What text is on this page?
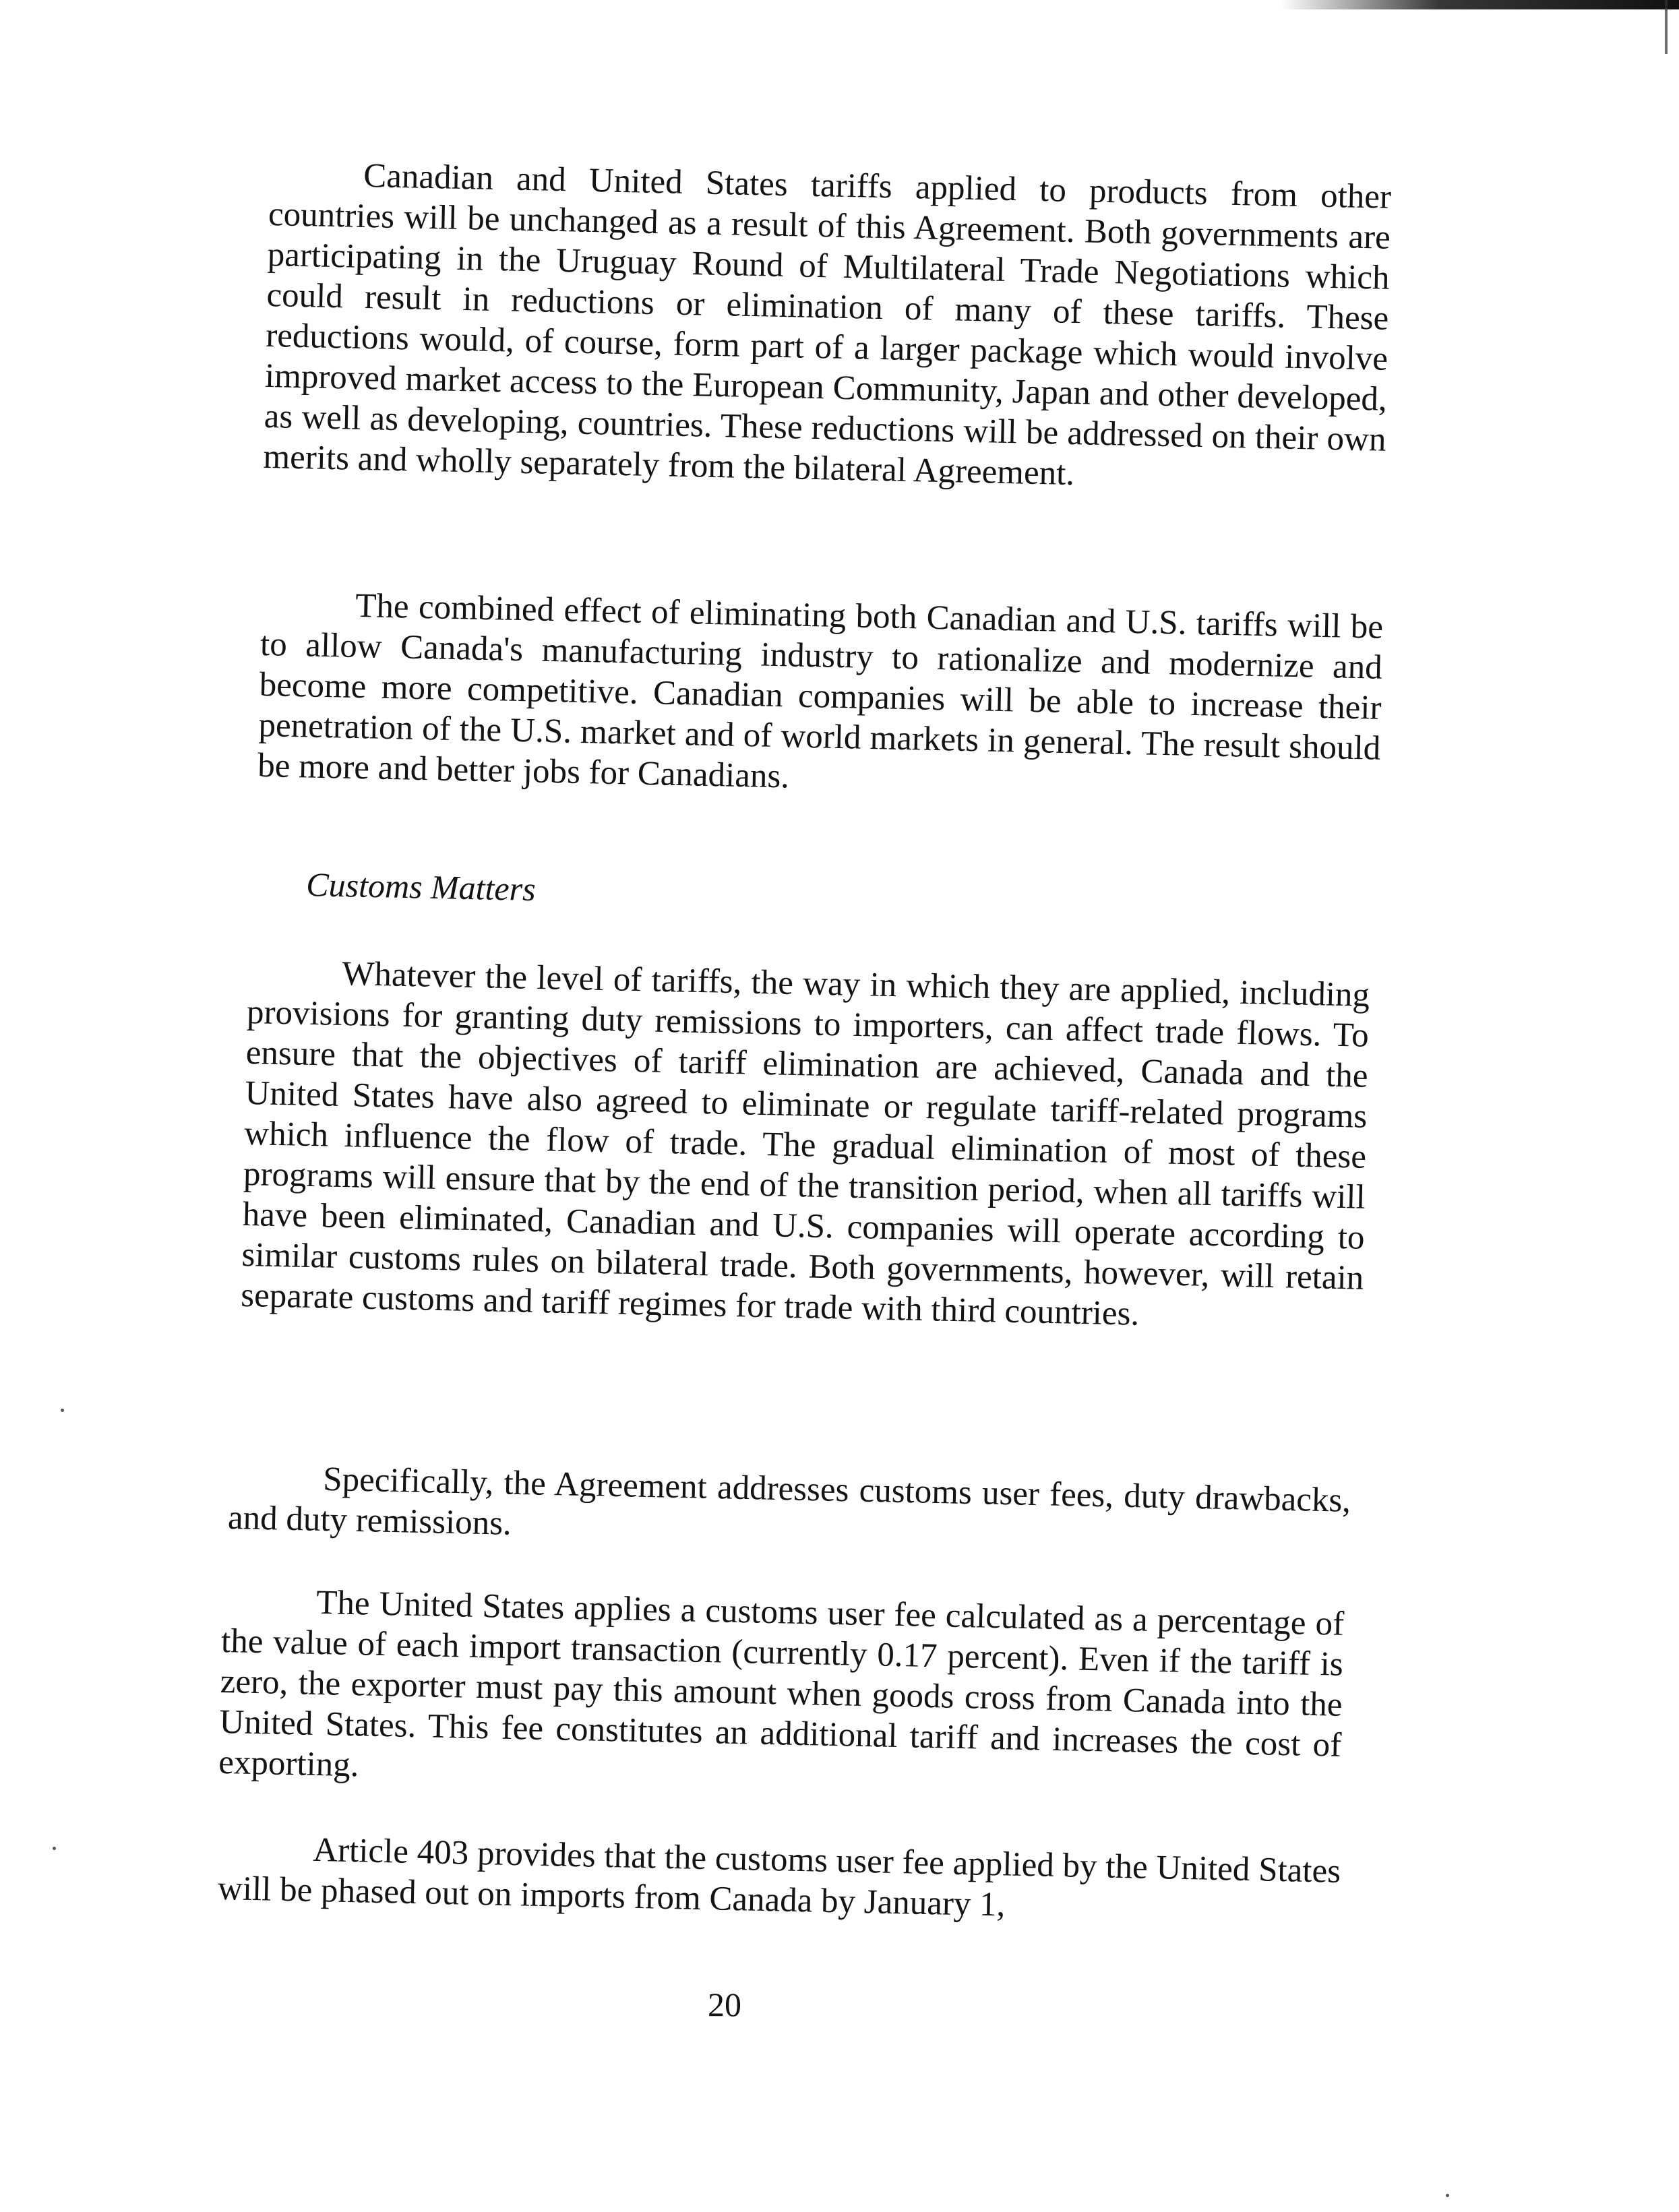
Canadian and United States tariffs applied to products from other countries will be unchanged as a result of this Agreement. Both governments are participating in the Uruguay Round of Multilateral Trade Negotiations which could result in reductions or elimination of many of these tariffs. These reductions would, of course, form part of a larger package which would involve improved market access to the European Community, Japan and other developed, as well as developing, countries. These reductions will be addressed on their own merits and wholly separately from the bilateral Agreement.

The combined effect of eliminating both Canadian and U.S. tariffs will be to allow Canada's manufacturing industry to rationalize and modernize and become more competitive. Canadian companies will be able to increase their penetration of the U.S. market and of world markets in general. The result should be more and better jobs for Canadians.

Customs Matters

Whatever the level of tariffs, the way in which they are applied, including provisions for granting duty remissions to importers, can affect trade flows. To ensure that the objectives of tariff elimination are achieved, Canada and the United States have also agreed to eliminate or regulate tariff-related programs which influence the flow of trade. The gradual elimination of most of these programs will ensure that by the end of the transition period, when all tariffs will have been eliminated, Canadian and U.S. companies will operate according to similar customs rules on bilateral trade. Both governments, however, will retain separate customs and tariff regimes for trade with third countries.

Specifically, the Agreement addresses customs user fees, duty drawbacks, and duty remissions.

The United States applies a customs user fee calculated as a percentage of the value of each import transaction (currently 0.17 percent). Even if the tariff is zero, the exporter must pay this amount when goods cross from Canada into the United States. This fee constitutes an additional tariff and increases the cost of exporting.

Article 403 provides that the customs user fee applied by the United States will be phased out on imports from Canada by January 1,

20
